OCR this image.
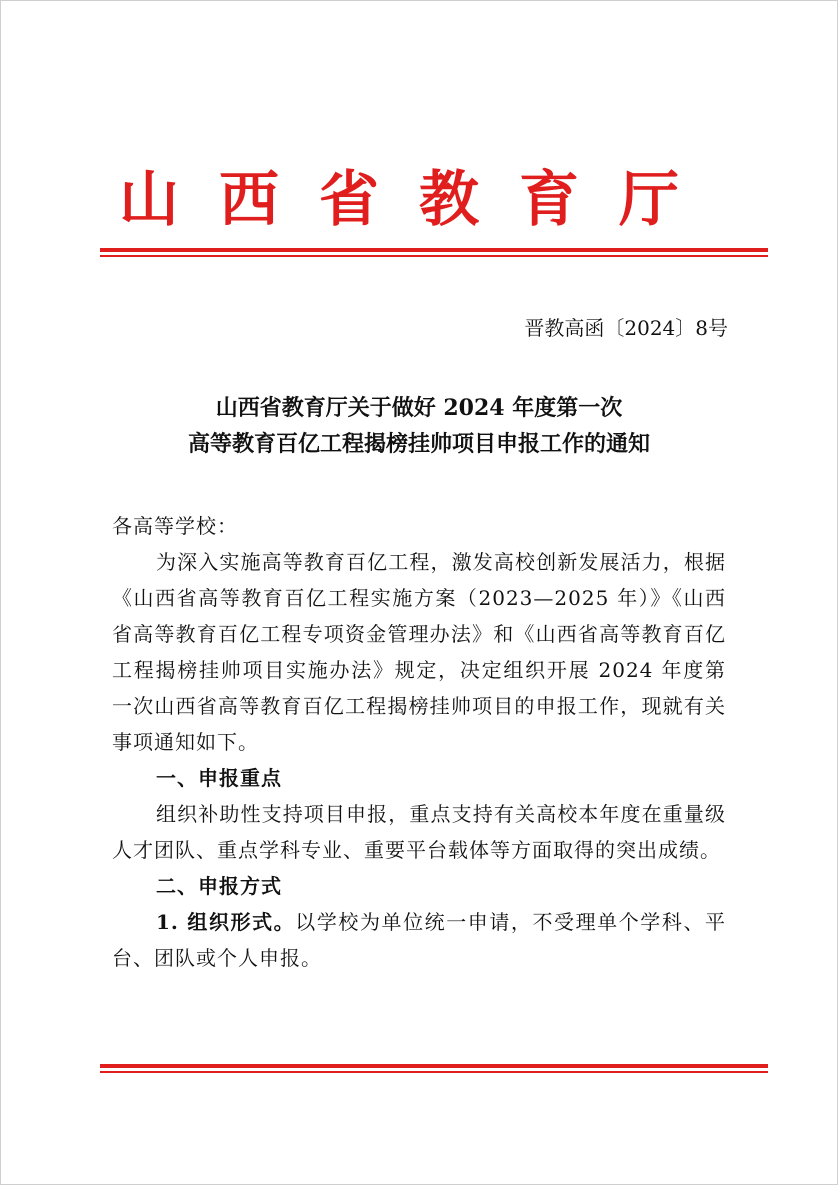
山西省教育厅
晋教高函〔2024〕8号
山西省教育厅关于做好 2024 年度第一次
高等教育百亿工程揭榜挂帅项目申报工作的通知

各高等学校：

为深入实施高等教育百亿工程，激发高校创新发展活力，根据《山西省高等教育百亿工程实施方案（2023—2025 年）》《山西省高等教育百亿工程专项资金管理办法》和《山西省高等教育百亿工程揭榜挂帅项目实施办法》规定，决定组织开展 2024 年度第一次山西省高等教育百亿工程揭榜挂帅项目的申报工作，现就有关事项通知如下。

一、申报重点

组织补助性支持项目申报，重点支持有关高校本年度在重量级人才团队、重点学科专业、重要平台载体等方面取得的突出成绩。

二、申报方式

1. 组织形式。以学校为单位统一申请，不受理单个学科、平台、团队或个人申报。
